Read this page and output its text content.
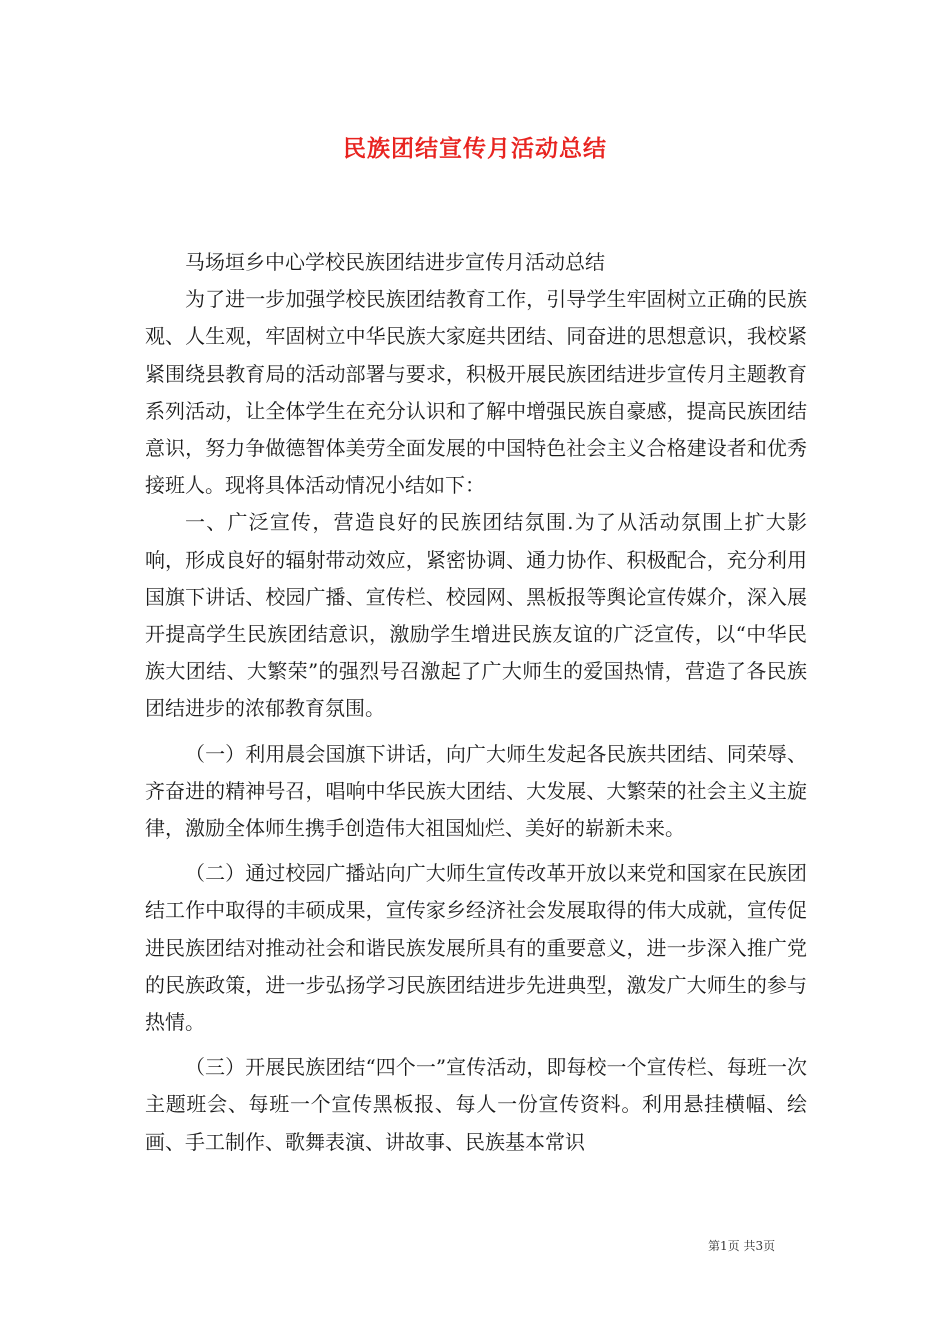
民族团结宣传月活动总结

马场垣乡中心学校民族团结进步宣传月活动总结

为了进一步加强学校民族团结教育工作，引导学生牢固树立正确的民族观、人生观，牢固树立中华民族大家庭共团结、同奋进的思想意识，我校紧紧围绕县教育局的活动部署与要求，积极开展民族团结进步宣传月主题教育系列活动，让全体学生在充分认识和了解中增强民族自豪感，提高民族团结意识，努力争做德智体美劳全面发展的中国特色社会主义合格建设者和优秀接班人。现将具体活动情况小结如下：

一、广泛宣传，营造良好的民族团结氛围.为了从活动氛围上扩大影响，形成良好的辐射带动效应，紧密协调、通力协作、积极配合，充分利用国旗下讲话、校园广播、宣传栏、校园网、黑板报等舆论宣传媒介，深入展开提高学生民族团结意识，激励学生增进民族友谊的广泛宣传，以“中华民族大团结、大繁荣”的强烈号召激起了广大师生的爱国热情，营造了各民族团结进步的浓郁教育氛围。

（一）利用晨会国旗下讲话，向广大师生发起各民族共团结、同荣辱、齐奋进的精神号召，唱响中华民族大团结、大发展、大繁荣的社会主义主旋律，激励全体师生携手创造伟大祖国灿烂、美好的崭新未来。

（二）通过校园广播站向广大师生宣传改革开放以来党和国家在民族团结工作中取得的丰硕成果，宣传家乡经济社会发展取得的伟大成就，宣传促进民族团结对推动社会和谐民族发展所具有的重要意义，进一步深入推广党的民族政策，进一步弘扬学习民族团结进步先进典型，激发广大师生的参与热情。

（三）开展民族团结“四个一”宣传活动，即每校一个宣传栏、每班一次主题班会、每班一个宣传黑板报、每人一份宣传资料。利用悬挂横幅、绘画、手工制作、歌舞表演、讲故事、民族基本常识

第1页 共3页
